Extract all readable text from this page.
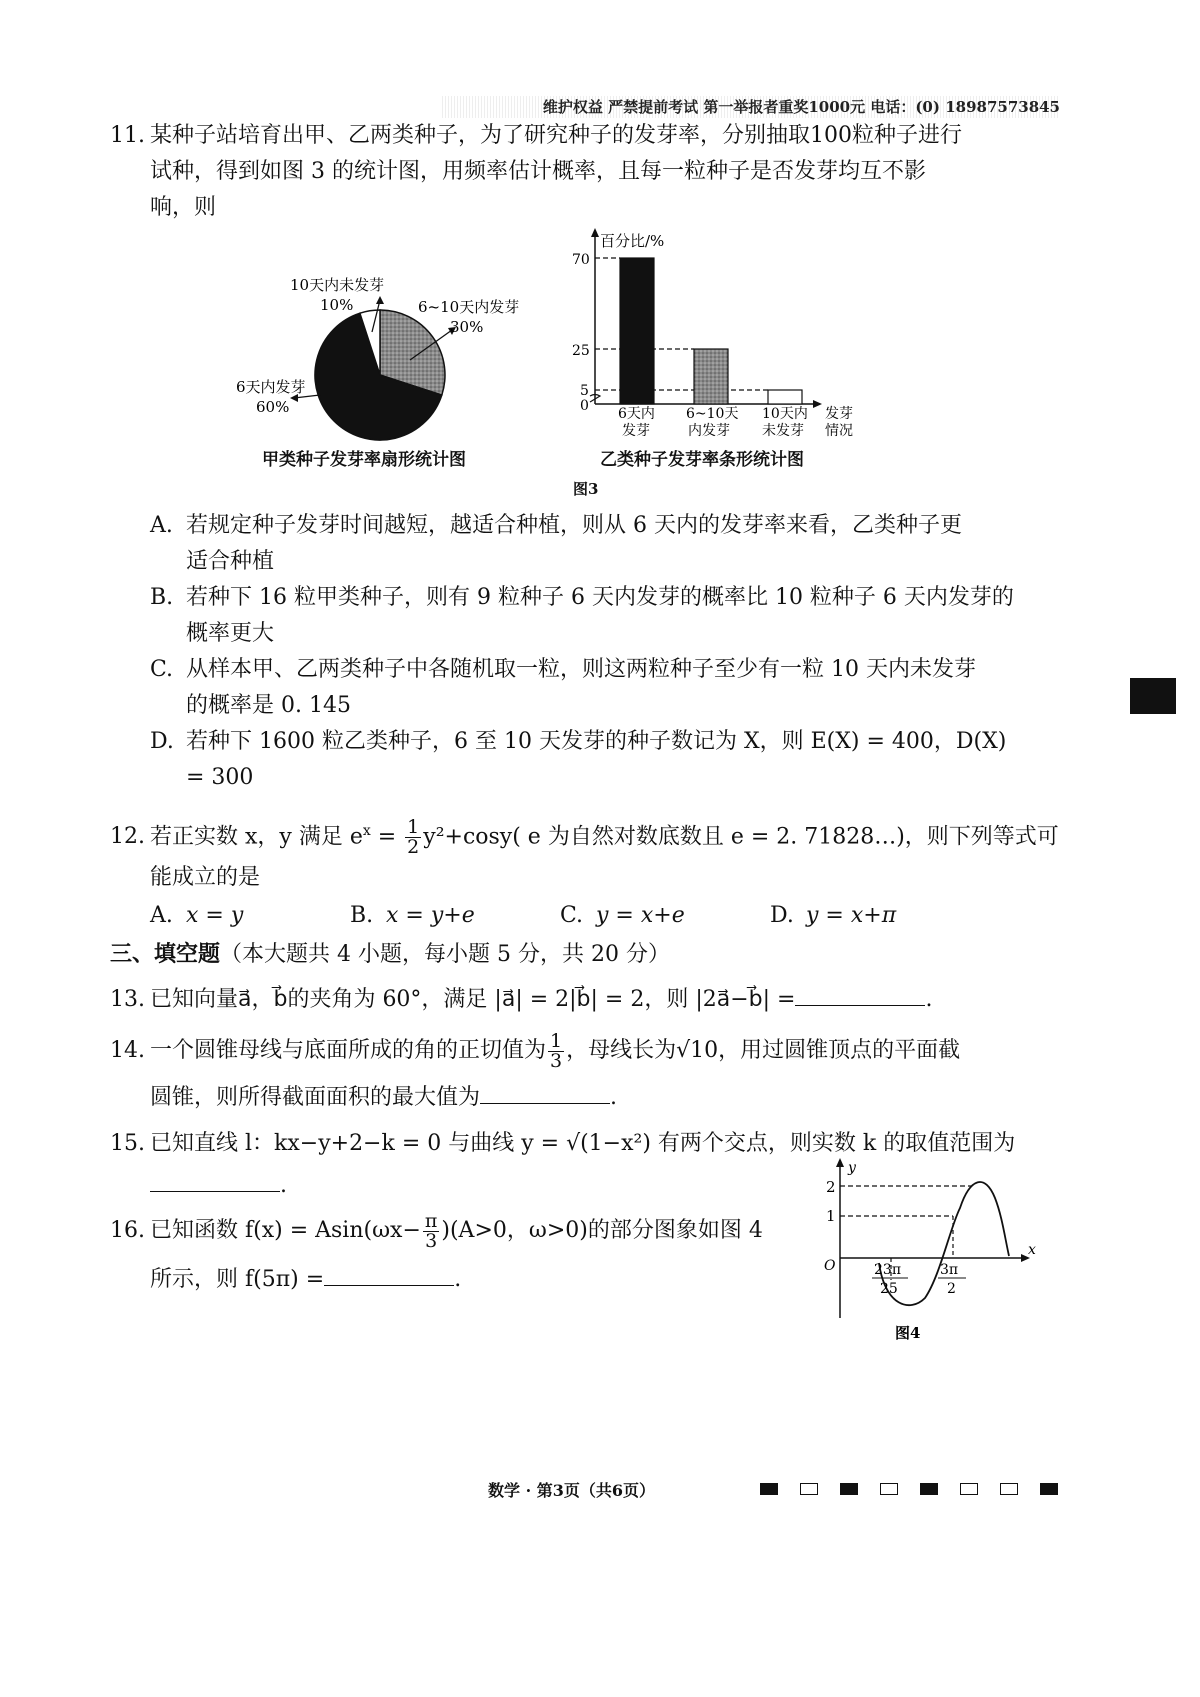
维护权益 严禁提前考试 第一举报者重奖1000元 电话：(0) 18987573845
11. 某种子站培育出甲、乙两类种子，为了研究种子的发芽率，分别抽取100粒种子进行
试种，得到如图 3 的统计图，用频率估计概率，且每一粒种子是否发芽均互不影
响，则
10天内未发芽
10%	6~10天内发芽
30%
6天内发芽
60%
甲类种子发芽率扇形统计图
70
25
5
0
百分比/%
6天内
发芽
6~10天
内发芽
10天内
未发芽
发芽
情况
乙类种子发芽率条形统计图
图3
A. 若规定种子发芽时间越短，越适合种植，则从 6 天内的发芽率来看，乙类种子更
适合种植
B. 若种下 16 粒甲类种子，则有 9 粒种子 6 天内发芽的概率比 10 粒种子 6 天内发芽的
概率更大
C. 从样本甲、乙两类种子中各随机取一粒，则这两粒种子至少有一粒 10 天内未发芽
的概率是 0. 145
D. 若种下 1600 粒乙类种子，6 至 10 天发芽的种子数记为 X，则 E(X) = 400，D(X)
= 300
12. 若正实数 x，y 满足 $e^x = \frac{1}{2} y^2+\cos y$( e 为自然对数底数且 e = 2. 71828…)，则下列等式可
能成立的是
A. x = y	B. x = y+e	C. y = x+e	D. y = x+π
三、填空题（本大题共 4 小题，每小题 5 分，共 20 分）
13. 已知向量a⃗，b⃗的夹角为 60°，满足 |a⃗| = 2|b⃗| = 2，则 |2a⃗−b⃗| =	.
14. 一个圆锥母线与底面所成的角的正切值为 $\frac{1}{3}$ ，母线长为√10，用过圆锥顶点的平面截
圆锥，则所得截面面积的最大值为	.
15. 已知直线 l：kx−y+2−k = 0 与曲线 y = √(1−x²) 有两个交点，则实数 k 的取值范围为
.
16. 已知函数 $f(x) = Asin(\omega x- \frac{\pi}{3} )(A>0$，ω>0)的部分图象如图 4
所示，则 f(5π) =	.
y
x
O
2
1
23π
25
3π
2
图4
数学 · 第3页（共6页）
